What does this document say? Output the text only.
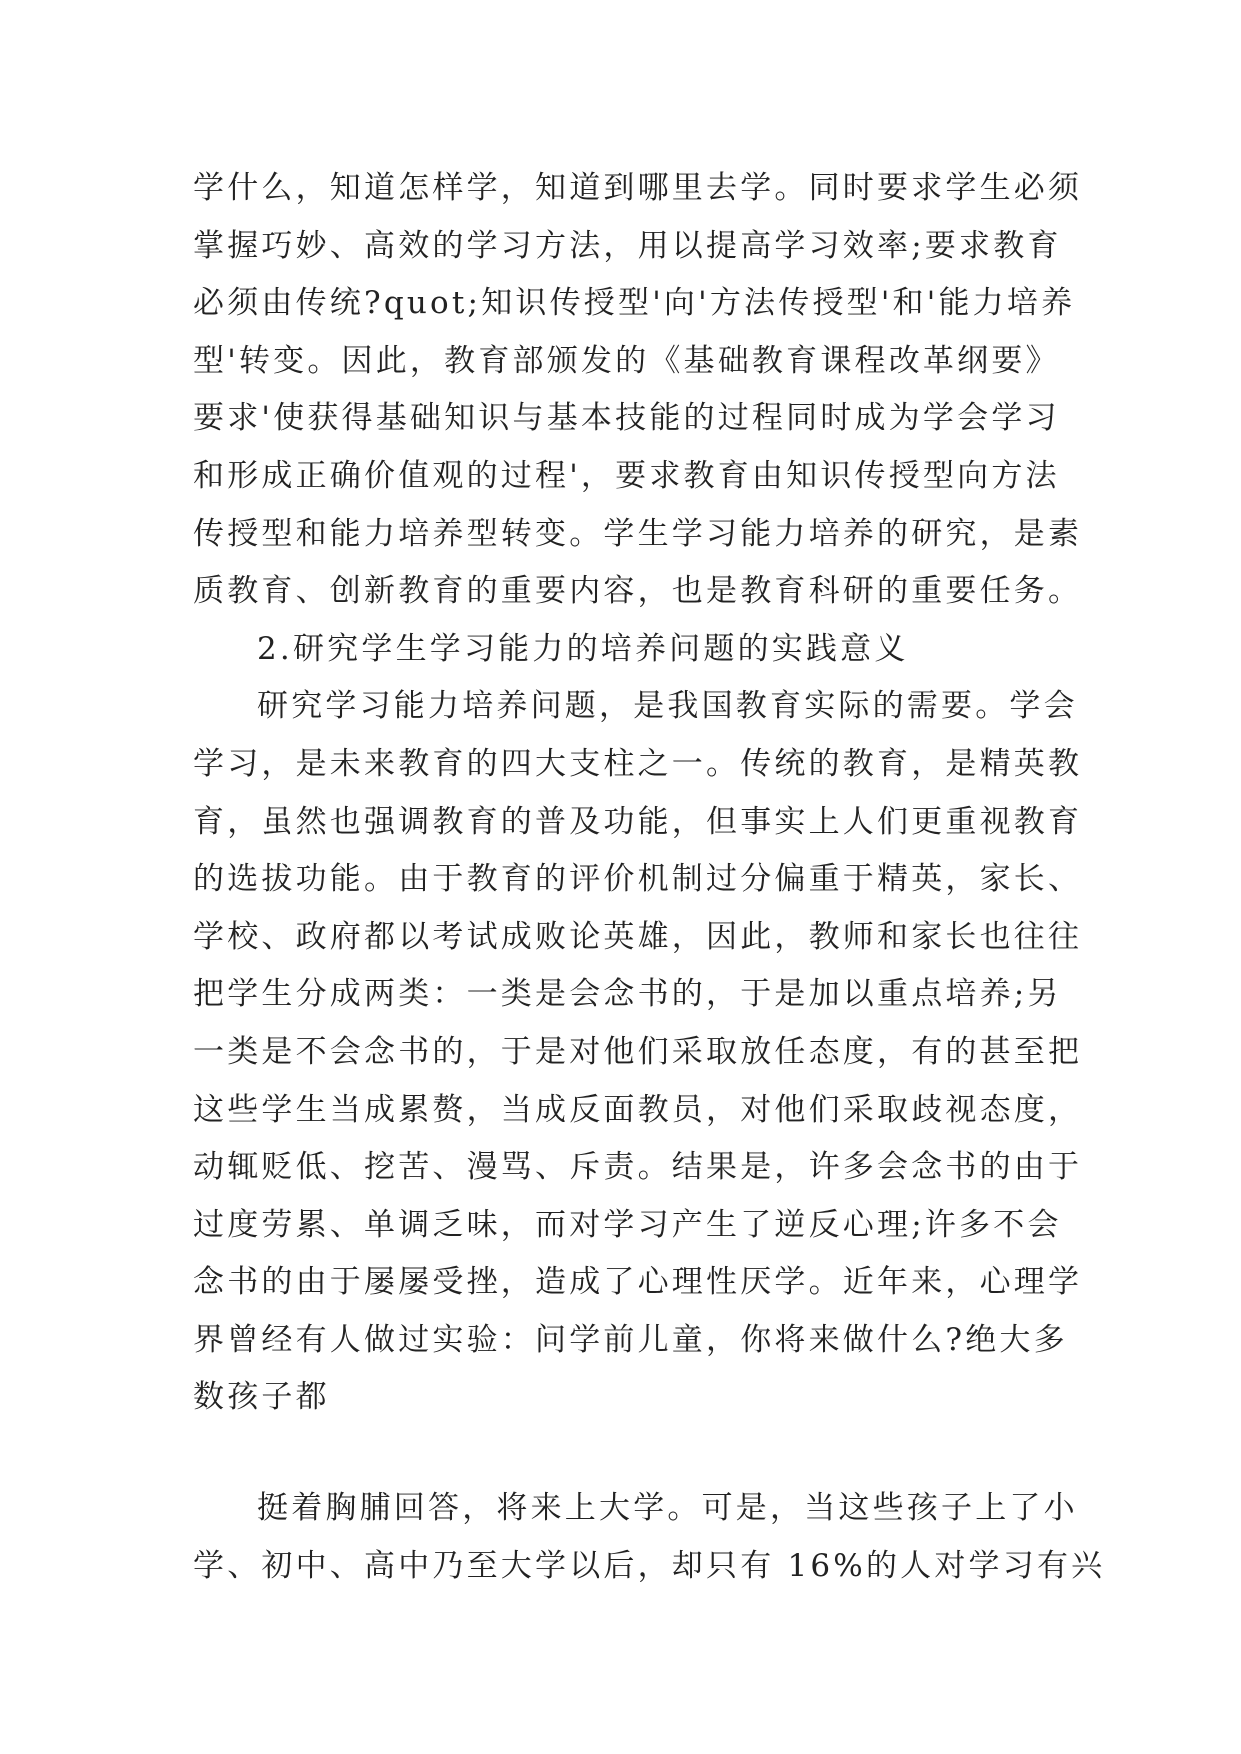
学什么，知道怎样学，知道到哪里去学。同时要求学生必须
掌握巧妙、高效的学习方法，用以提高学习效率;要求教育
必须由传统?quot;知识传授型'向'方法传授型'和'能力培养
型'转变。因此，教育部颁发的《基础教育课程改革纲要》
要求'使获得基础知识与基本技能的过程同时成为学会学习
和形成正确价值观的过程'，要求教育由知识传授型向方法
传授型和能力培养型转变。学生学习能力培养的研究，是素
质教育、创新教育的重要内容，也是教育科研的重要任务。
2.研究学生学习能力的培养问题的实践意义
研究学习能力培养问题，是我国教育实际的需要。学会
学习，是未来教育的四大支柱之一。传统的教育，是精英教
育，虽然也强调教育的普及功能，但事实上人们更重视教育
的选拔功能。由于教育的评价机制过分偏重于精英，家长、
学校、政府都以考试成败论英雄，因此，教师和家长也往往
把学生分成两类：一类是会念书的，于是加以重点培养;另
一类是不会念书的，于是对他们采取放任态度，有的甚至把
这些学生当成累赘，当成反面教员，对他们采取歧视态度，
动辄贬低、挖苦、漫骂、斥责。结果是，许多会念书的由于
过度劳累、单调乏味，而对学习产生了逆反心理;许多不会
念书的由于屡屡受挫，造成了心理性厌学。近年来，心理学
界曾经有人做过实验：问学前儿童，你将来做什么?绝大多
数孩子都
挺着胸脯回答，将来上大学。可是，当这些孩子上了小
学、初中、高中乃至大学以后，却只有 16%的人对学习有兴
